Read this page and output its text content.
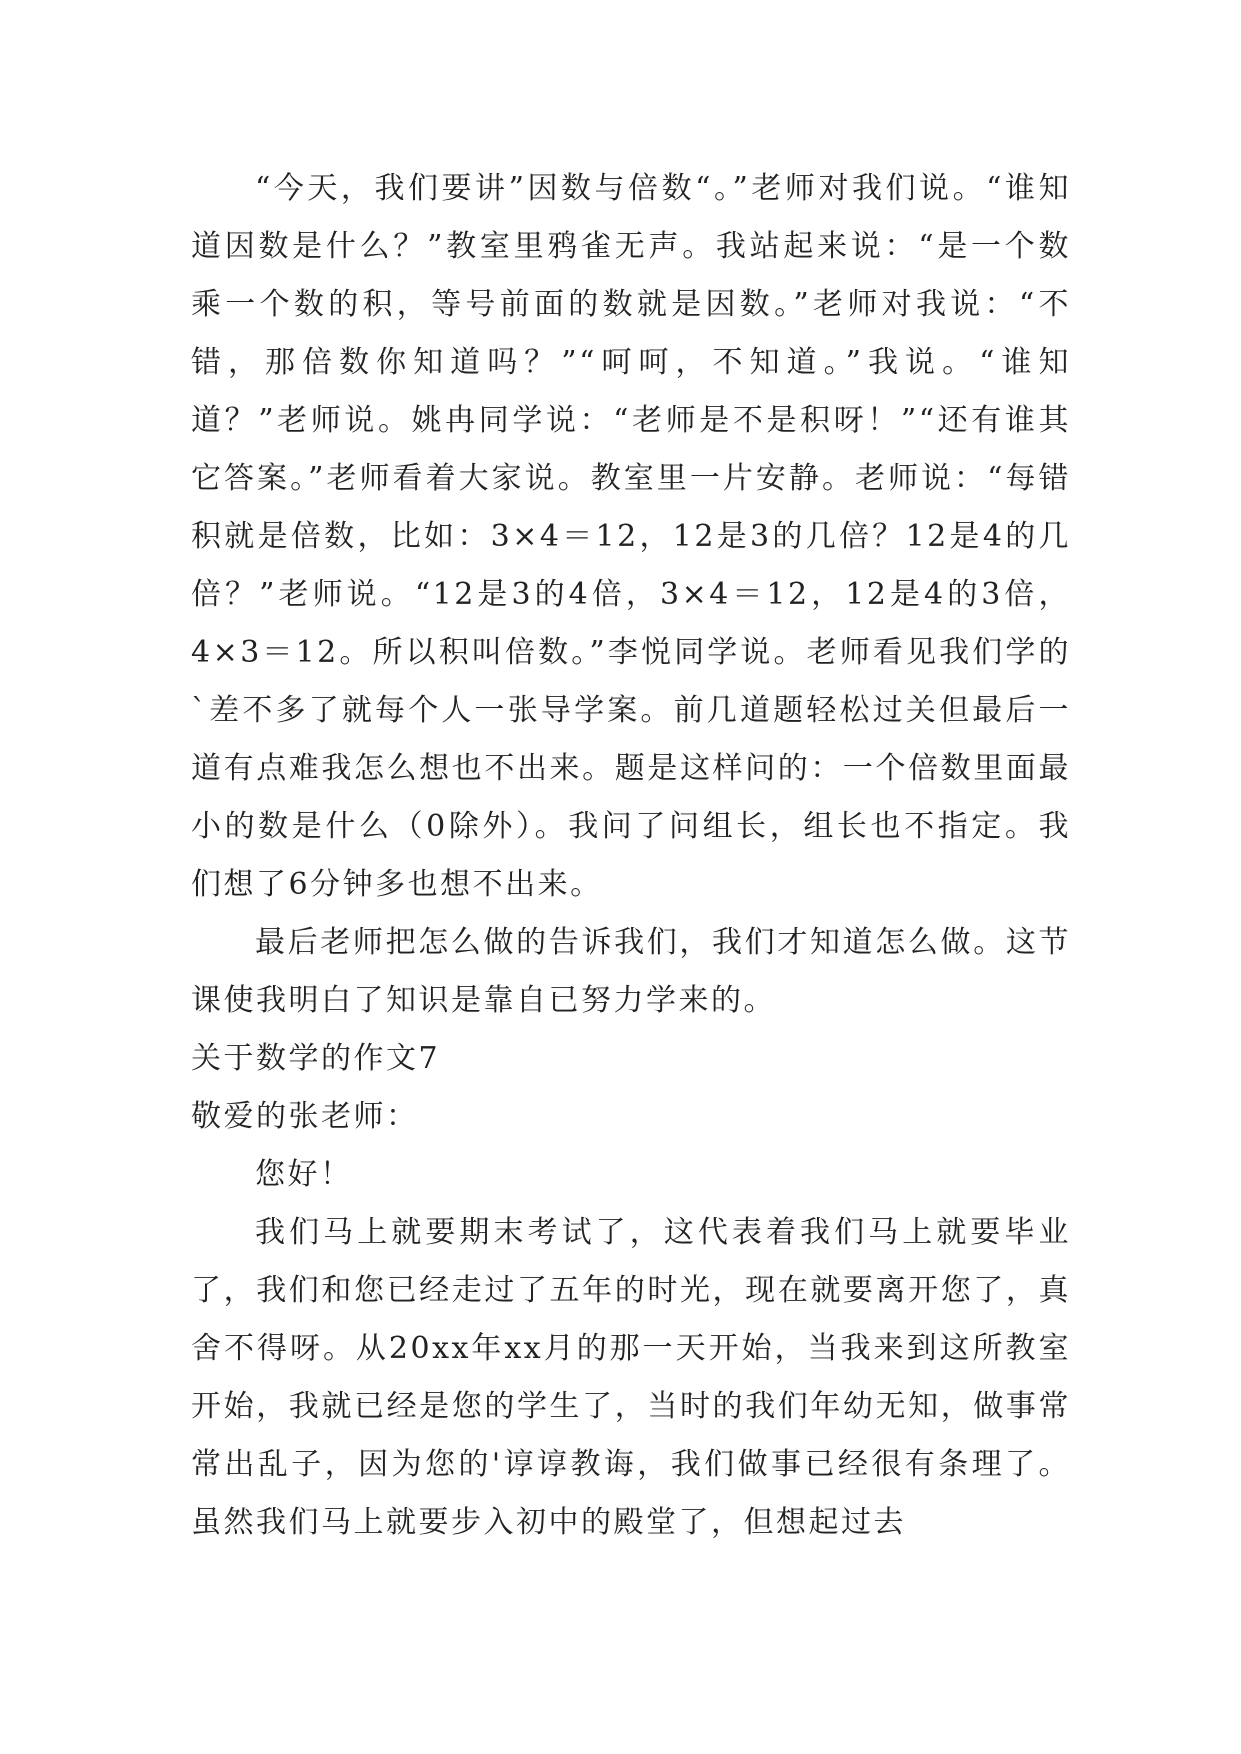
“今天，我们要讲”因数与倍数“。”老师对我们说。“谁知道因数是什么？”教室里鸦雀无声。我站起来说：“是一个数乘一个数的积，等号前面的数就是因数。”老师对我说：“不错，那倍数你知道吗？”“呵呵，不知道。”我说。“谁知道？”老师说。姚冉同学说：“老师是不是积呀！”“还有谁其它答案。”老师看着大家说。教室里一片安静。老师说：“每错积就是倍数，比如：3×4＝12，12是3的几倍？12是4的几倍？”老师说。“12是3的4倍，3×4＝12，12是4的3倍，4×3＝12。所以积叫倍数。”李悦同学说。老师看见我们学的`差不多了就每个人一张导学案。前几道题轻松过关但最后一道有点难我怎么想也不出来。题是这样问的：一个倍数里面最小的数是什么（0除外）。我问了问组长，组长也不指定。我们想了6分钟多也想不出来。

最后老师把怎么做的告诉我们，我们才知道怎么做。这节课使我明白了知识是靠自已努力学来的。

关于数学的作文7

敬爱的张老师：

您好！

我们马上就要期末考试了，这代表着我们马上就要毕业了，我们和您已经走过了五年的时光，现在就要离开您了，真舍不得呀。从20xx年xx月的那一天开始，当我来到这所教室开始，我就已经是您的学生了，当时的我们年幼无知，做事常常出乱子，因为您的'谆谆教诲，我们做事已经很有条理了。虽然我们马上就要步入初中的殿堂了，但想起过去
